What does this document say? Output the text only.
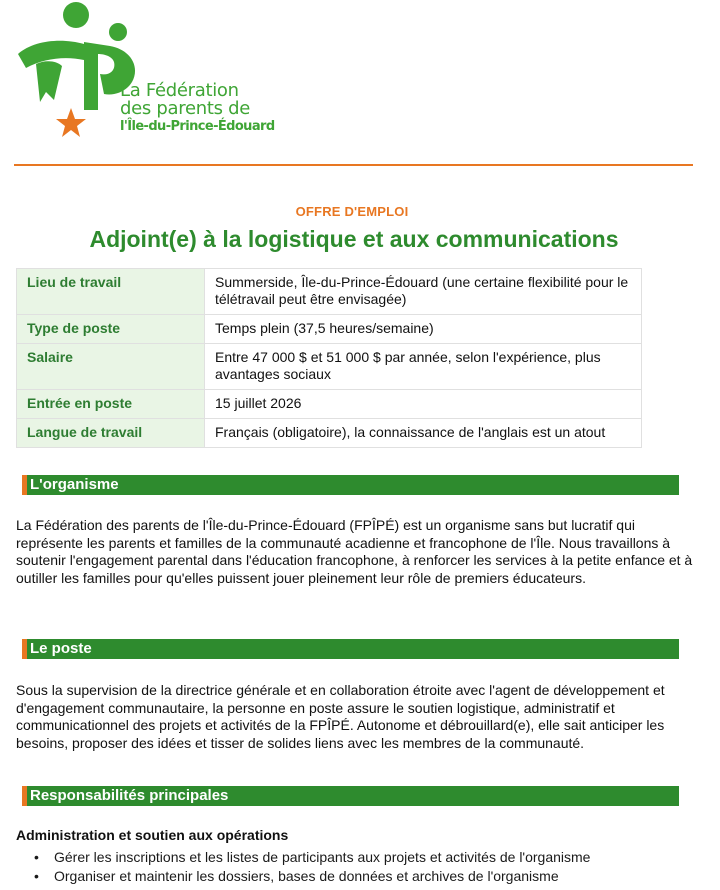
La Fédération
des parents de
l'Île-du-Prince-Édouard
OFFRE D'EMPLOI
Adjoint(e) à la logistique et aux communications
Lieu de travail	Summerside, Île-du-Prince-Édouard (une certaine flexibilité pour le télétravail peut être envisagée)
Type de poste	Temps plein (37,5 heures/semaine)
Salaire	Entre 47 000 $ et 51 000 $ par année, selon l'expérience, plus avantages sociaux
Entrée en poste	15 juillet 2026
Langue de travail	Français (obligatoire), la connaissance de l'anglais est un atout
L'organisme
La Fédération des parents de l'Île-du-Prince-Édouard (FPÎPÉ) est un organisme sans but lucratif qui représente les parents et familles de la communauté acadienne et francophone de l'Île. Nous travaillons à soutenir l'engagement parental dans l'éducation francophone, à renforcer les services à la petite enfance et à outiller les familles pour qu'elles puissent jouer pleinement leur rôle de premiers éducateurs.
Le poste
Sous la supervision de la directrice générale et en collaboration étroite avec l'agent de développement et d'engagement communautaire, la personne en poste assure le soutien logistique, administratif et communicationnel des projets et activités de la FPÎPÉ. Autonome et débrouillard(e), elle sait anticiper les besoins, proposer des idées et tisser de solides liens avec les membres de la communauté.
Responsabilités principales
Administration et soutien aux opérations
• Gérer les inscriptions et les listes de participants aux projets et activités de l'organisme
• Organiser et maintenir les dossiers, bases de données et archives de l'organisme
